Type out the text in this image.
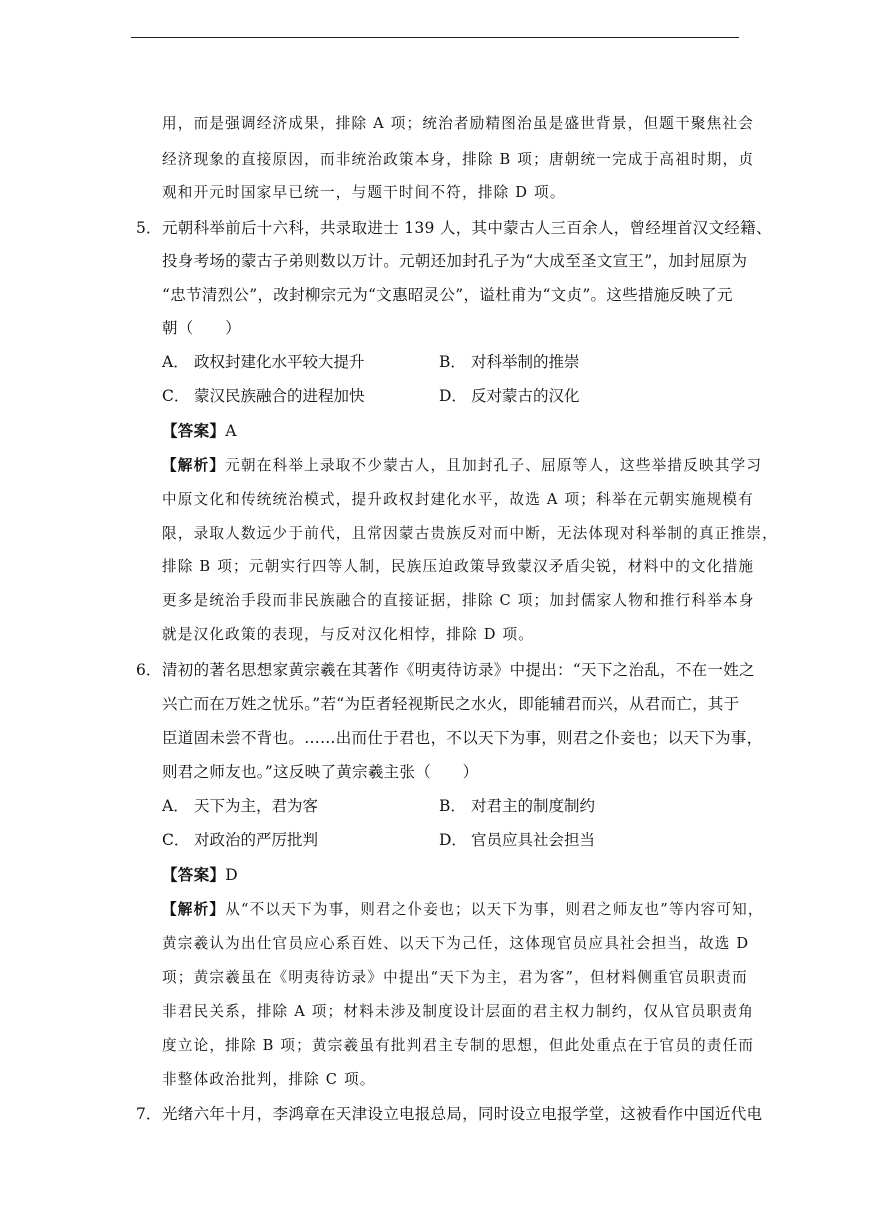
用，而是强调经济成果，排除 A 项；统治者励精图治虽是盛世背景，但题干聚焦社会
经济现象的直接原因，而非统治政策本身，排除 B 项；唐朝统一完成于高祖时期，贞
观和开元时国家早已统一，与题干时间不符，排除 D 项。
5． 元朝科举前后十六科，共录取进士 139 人，其中蒙古人三百余人，曾经埋首汉文经籍、
投身考场的蒙古子弟则数以万计。元朝还加封孔子为“大成至圣文宣王”，加封屈原为
“忠节清烈公”，改封柳宗元为“文惠昭灵公”，谥杜甫为“文贞”。这些措施反映了元
朝（　　）
A． 政权封建化水平较大提升	B． 对科举制的推崇
C． 蒙汉民族融合的进程加快	D． 反对蒙古的汉化
【答案】A
【解析】元朝在科举上录取不少蒙古人，且加封孔子、屈原等人，这些举措反映其学习
中原文化和传统统治模式，提升政权封建化水平，故选 A 项；科举在元朝实施规模有
限，录取人数远少于前代，且常因蒙古贵族反对而中断，无法体现对科举制的真正推崇，
排除 B 项；元朝实行四等人制，民族压迫政策导致蒙汉矛盾尖锐，材料中的文化措施
更多是统治手段而非民族融合的直接证据，排除 C 项；加封儒家人物和推行科举本身
就是汉化政策的表现，与反对汉化相悖，排除 D 项。
6． 清初的著名思想家黄宗羲在其著作《明夷待访录》中提出：“天下之治乱，不在一姓之
兴亡而在万姓之忧乐。”若“为臣者轻视斯民之水火，即能辅君而兴，从君而亡，其于
臣道固未尝不背也。……出而仕于君也，不以天下为事，则君之仆妾也；以天下为事，
则君之师友也。”这反映了黄宗羲主张（　　）
A． 天下为主，君为客	B． 对君主的制度制约
C． 对政治的严厉批判	D． 官员应具社会担当
【答案】D
【解析】从“不以天下为事，则君之仆妾也；以天下为事，则君之师友也”等内容可知，
黄宗羲认为出仕官员应心系百姓、以天下为己任，这体现官员应具社会担当，故选 D
项；黄宗羲虽在《明夷待访录》中提出“天下为主，君为客”，但材料侧重官员职责而
非君民关系，排除 A 项；材料未涉及制度设计层面的君主权力制约，仅从官员职责角
度立论，排除 B 项；黄宗羲虽有批判君主专制的思想，但此处重点在于官员的责任而
非整体政治批判，排除 C 项。
7． 光绪六年十月，李鸿章在天津设立电报总局，同时设立电报学堂，这被看作中国近代电
